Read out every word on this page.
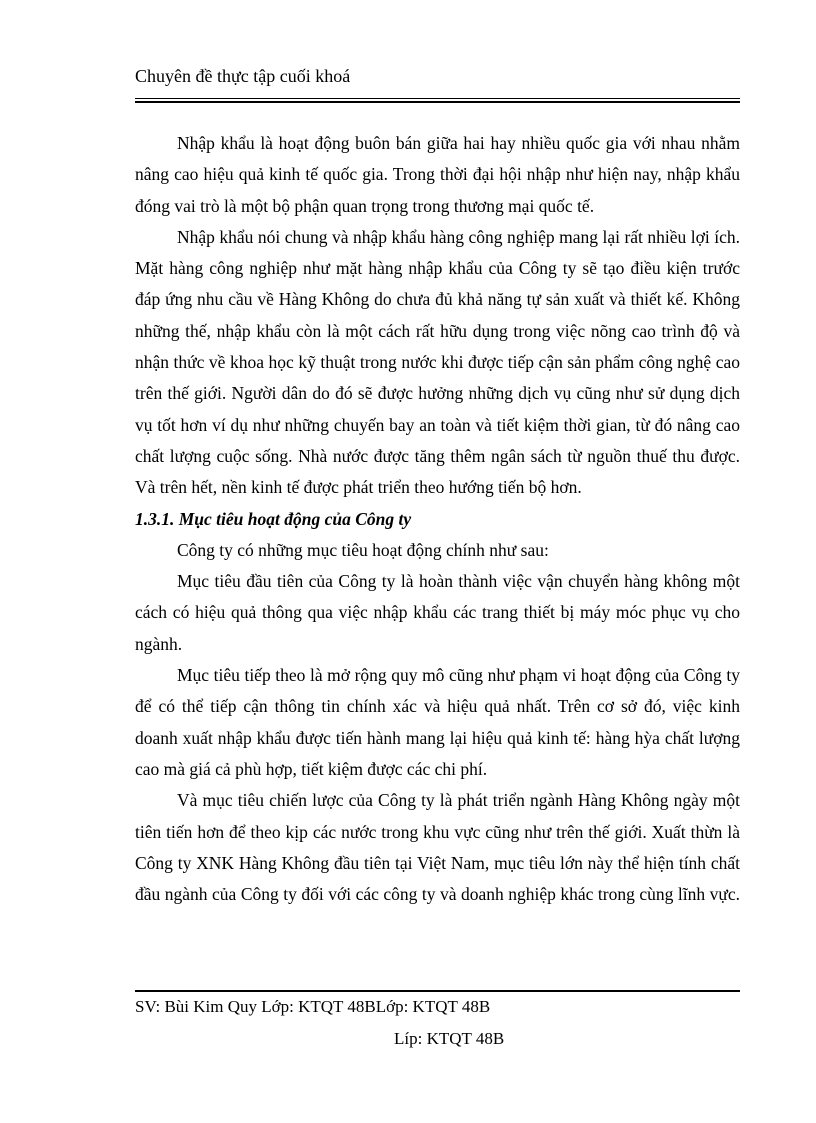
Chuyên đề thực tập cuối khoá

Nhập khẩu là hoạt động buôn bán giữa hai hay nhiều quốc gia với nhau nhằm nâng cao hiệu quả kinh tế quốc gia. Trong thời đại hội nhập như hiện nay, nhập khẩu đóng vai trò là một bộ phận quan trọng trong thương mại quốc tế.

Nhập khẩu nói chung và nhập khẩu hàng công nghiệp mang lại rất nhiều lợi ích. Mặt hàng công nghiệp như mặt hàng nhập khẩu của Công ty sẽ tạo điều kiện trước đáp ứng nhu cầu về Hàng Không do chưa đủ khả năng tự sản xuất và thiết kế. Không những thế, nhập khẩu còn là một cách rất hữu dụng trong việc nõng cao trình độ và nhận thức về khoa học kỹ thuật trong nước khi được tiếp cận sản phẩm công nghệ cao trên thế giới. Người dân do đó sẽ được hưởng những dịch vụ cũng như sử dụng dịch vụ tốt hơn ví dụ như những chuyến bay an toàn và tiết kiệm thời gian, từ đó nâng cao chất lượng cuộc sống. Nhà nước được tăng thêm ngân sách từ nguồn thuế thu được. Và trên hết, nền kinh tế được phát triển theo hướng tiến bộ hơn.

1.3.1. Mục tiêu hoạt động của Công ty

Công ty có những mục tiêu hoạt động chính như sau:

Mục tiêu đầu tiên của Công ty là hoàn thành việc vận chuyển hàng không một cách có hiệu quả thông qua việc nhập khẩu các trang thiết bị máy móc phục vụ cho ngành.

Mục tiêu tiếp theo là mở rộng quy mô cũng như phạm vi hoạt động của Công ty để có thể tiếp cận thông tin chính xác và hiệu quả nhất. Trên cơ sở đó, việc kinh doanh xuất nhập khẩu được tiến hành mang lại hiệu quả kinh tế: hàng hỳa chất lượng cao mà giá cả phù hợp, tiết kiệm được các chi phí.

Và mục tiêu chiến lược của Công ty là phát triển ngành Hàng Không ngày một tiên tiến hơn để theo kịp các nước trong khu vực cũng như trên thế giới. Xuất thừn là Công ty XNK Hàng Không đầu tiên tại Việt Nam, mục tiêu lớn này thể hiện tính chất đầu ngành của Công ty đối với các công ty và doanh nghiệp khác trong cùng lĩnh vực.

SV: Bùi Kim Quy Lớp: KTQT 48BLớp: KTQT 48B
Líp: KTQT 48B
